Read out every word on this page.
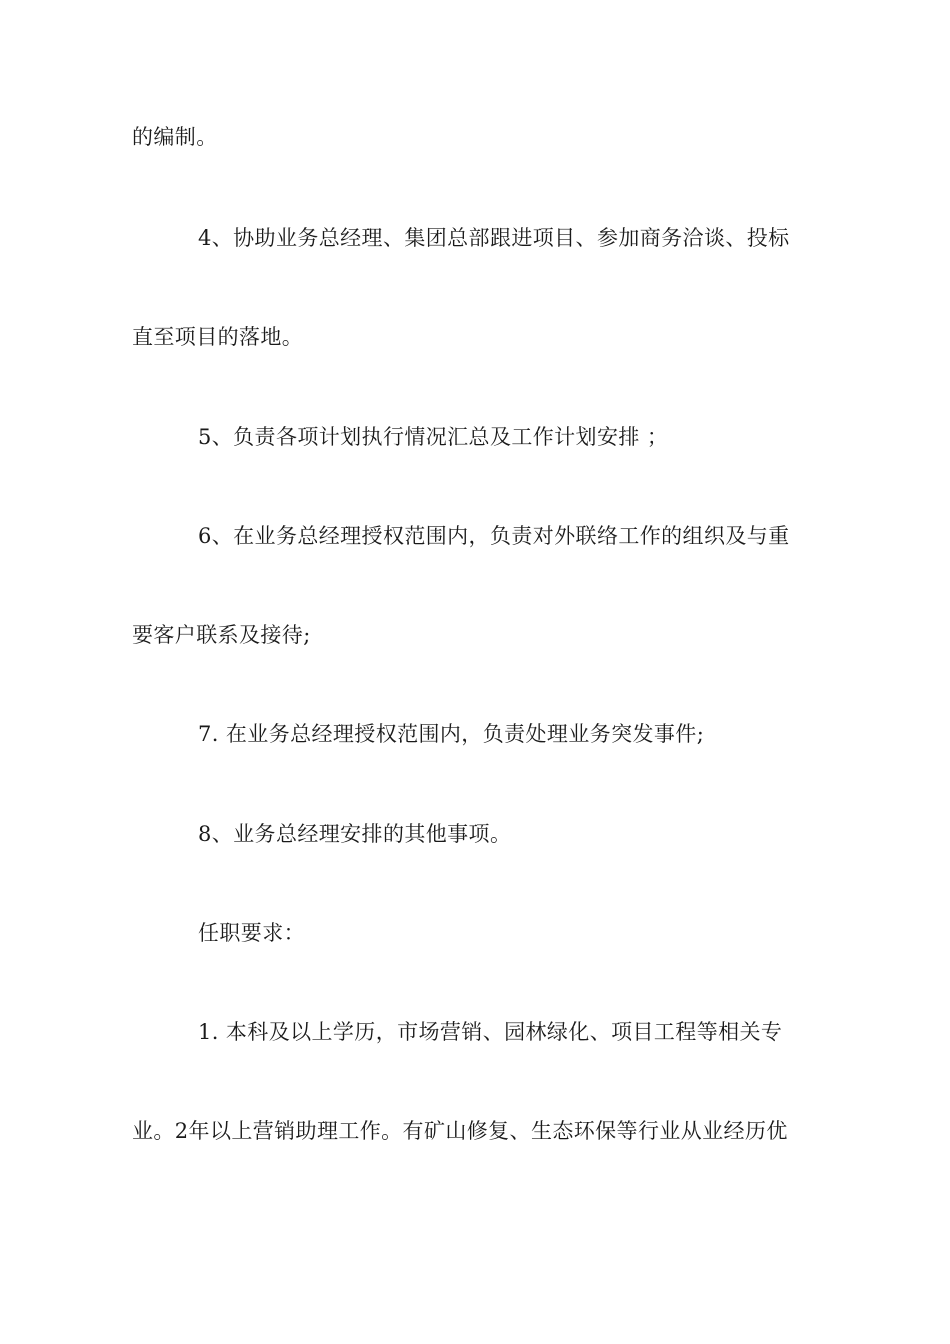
的编制。
4、协助业务总经理、集团总部跟进项目、参加商务洽谈、投标
直至项目的落地。
5、负责各项计划执行情况汇总及工作计划安排 ；
6、在业务总经理授权范围内，负责对外联络工作的组织及与重
要客户联系及接待;
7. 在业务总经理授权范围内，负责处理业务突发事件;
8、业务总经理安排的其他事项。
任职要求：
1. 本科及以上学历，市场营销、园林绿化、项目工程等相关专
业。2年以上营销助理工作。有矿山修复、生态环保等行业从业经历优
